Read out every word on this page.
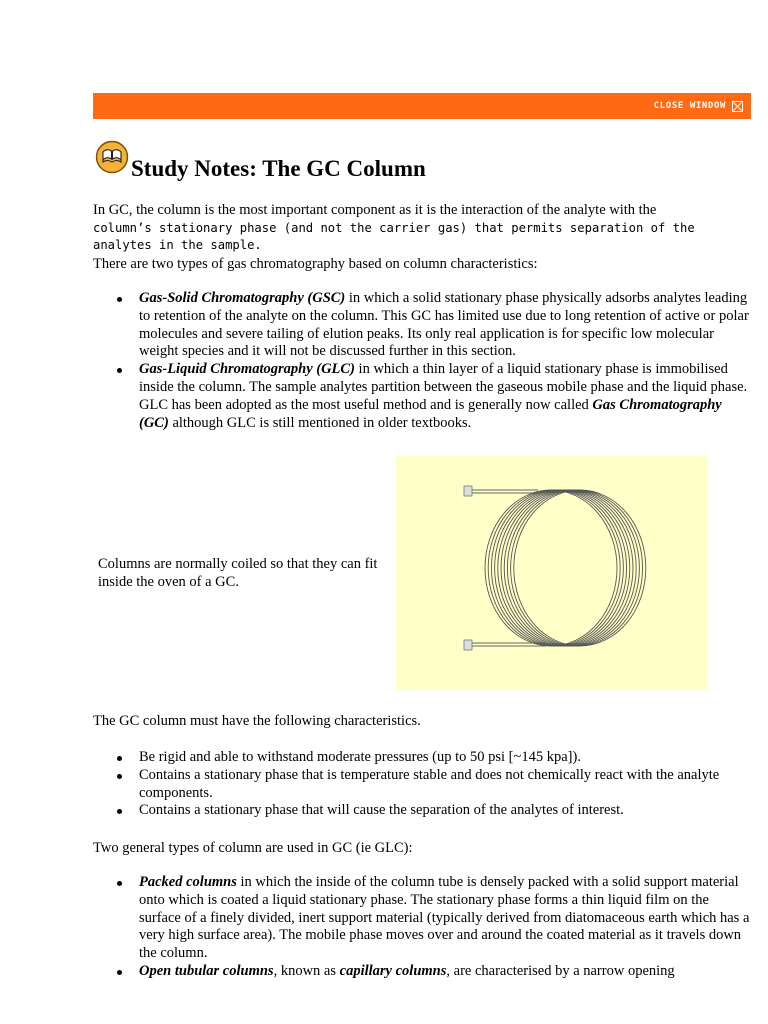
CLOSE WINDOW
Study Notes: The GC Column

In GC, the column is the most important component as it is the interaction of the analyte with the
column’s stationary phase (and not the carrier gas) that permits separation of the analytes in the sample.

There are two types of gas chromatography based on column characteristics:

Gas-Solid Chromatography (GSC) in which a solid stationary phase physically adsorbs analytes leading to retention of the analyte on the column. This GC has limited use due to long retention of active or polar molecules and severe tailing of elution peaks. Its only real application is for specific low molecular weight species and it will not be discussed further in this section.
Gas-Liquid Chromatography (GLC) in which a thin layer of a liquid stationary phase is immobilised inside the column. The sample analytes partition between the gaseous mobile phase and the liquid phase. GLC has been adopted as the most useful method and is generally now called Gas Chromatography (GC) although GLC is still mentioned in older textbooks.

Columns are normally coiled so that they can fit inside the oven of a GC.

The GC column must have the following characteristics.

Be rigid and able to withstand moderate pressures (up to 50 psi [~145 kpa]).
Contains a stationary phase that is temperature stable and does not chemically react with the analyte components.
Contains a stationary phase that will cause the separation of the analytes of interest.

Two general types of column are used in GC (ie GLC):

Packed columns in which the inside of the column tube is densely packed with a solid support material onto which is coated a liquid stationary phase. The stationary phase forms a thin liquid film on the surface of a finely divided, inert support material (typically derived from diatomaceous earth which has a very high surface area). The mobile phase moves over and around the coated material as it travels down the column.
Open tubular columns, known as capillary columns, are characterised by a narrow opening
